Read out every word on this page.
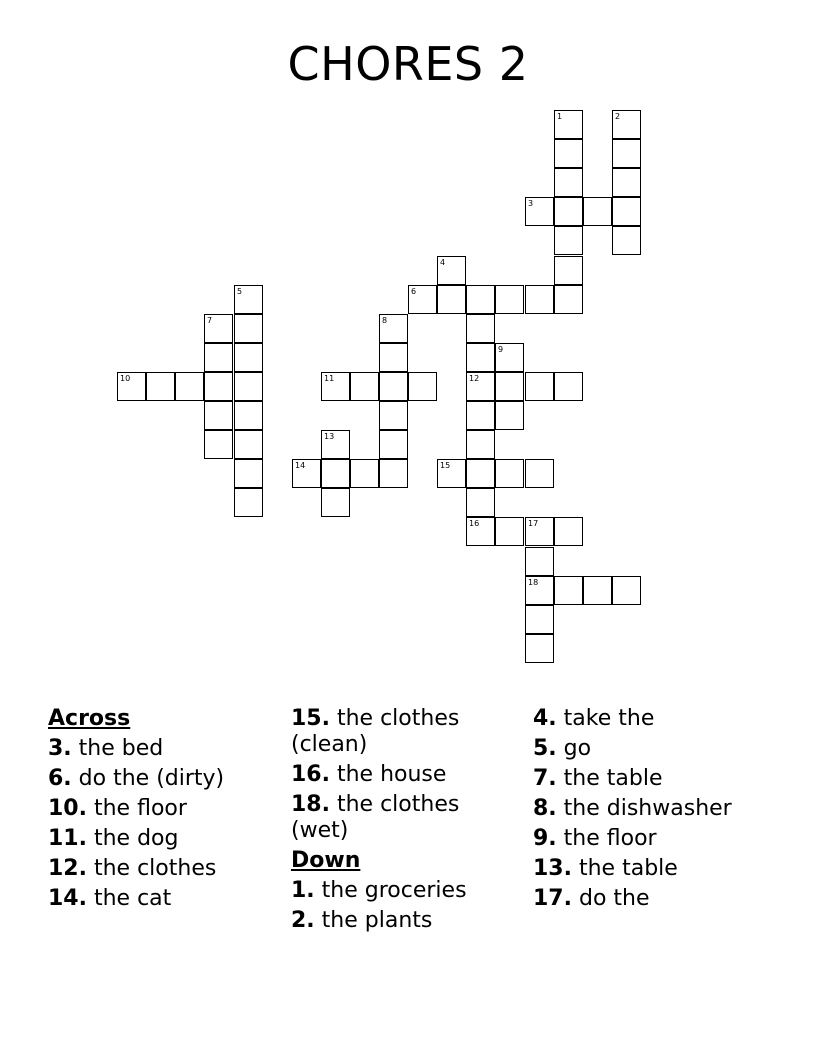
CHORES 2
1	2
3
4
5	6
7	8
9
10	11	12
13
14	15
16	17
18
Across
3. the bed
6. do the (dirty)
10. the floor
11. the dog
12. the clothes
14. the cat
15. the clothes (clean)
16. the house
18. the clothes (wet)
Down
1. the groceries
2. the plants
4. take the
5. go
7. the table
8. the dishwasher
9. the floor
13. the table
17. do the
